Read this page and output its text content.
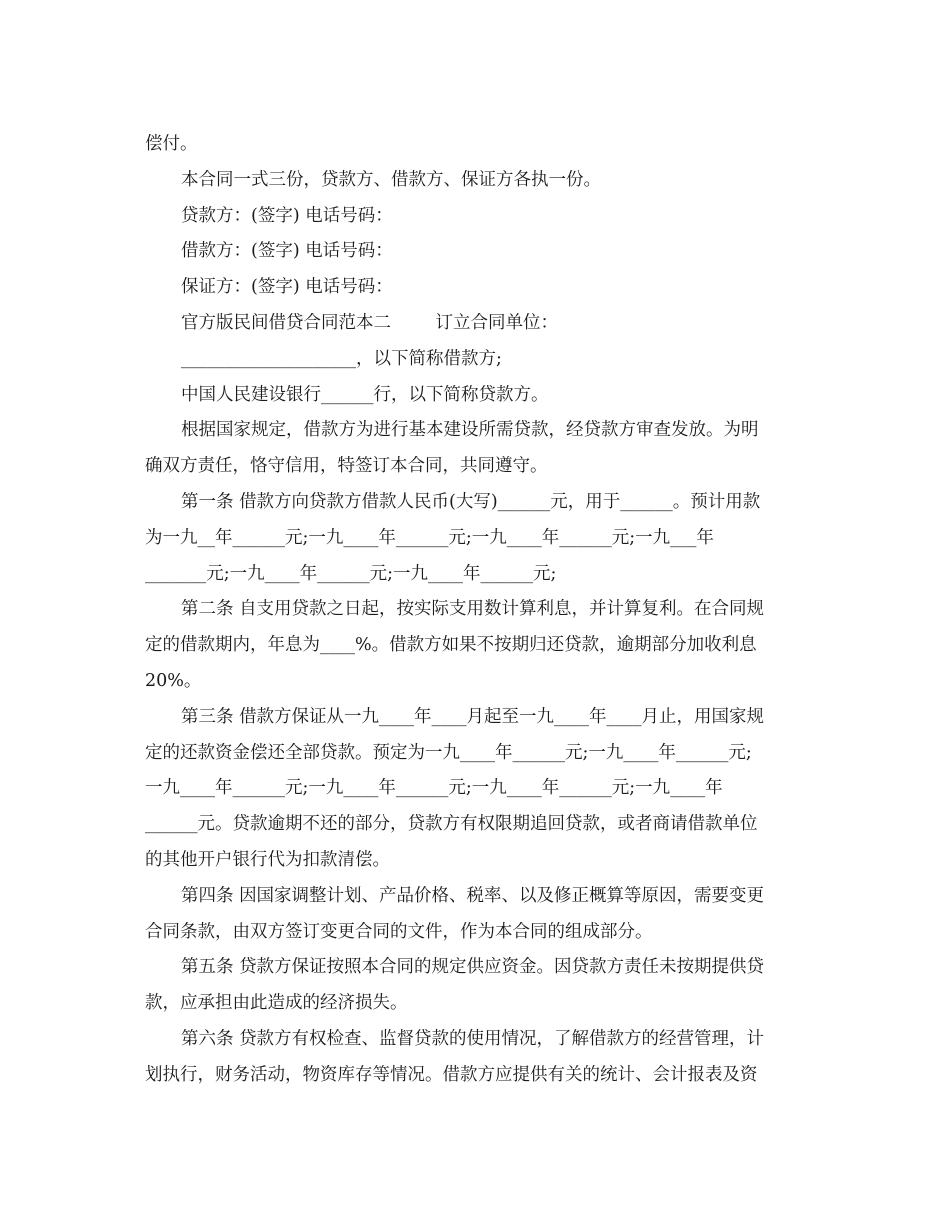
偿付。
本合同一式三份，贷款方、借款方、保证方各执一份。
贷款方：(签字) 电话号码：
借款方：(签字) 电话号码：
保证方：(签字) 电话号码：
官方版民间借贷合同范本二        订立合同单位：
____________________，以下简称借款方;
中国人民建设银行______行，以下简称贷款方。
根据国家规定，借款方为进行基本建设所需贷款，经贷款方审查发放。为明
确双方责任，恪守信用，特签订本合同，共同遵守。
第一条 借款方向贷款方借款人民币(大写)______元，用于______。预计用款
为一九__年______元;一九____年______元;一九____年______元;一九___年
_______元;一九____年______元;一九____年______元;
第二条 自支用贷款之日起，按实际支用数计算利息，并计算复利。在合同规
定的借款期内，年息为____%。借款方如果不按期归还贷款，逾期部分加收利息
20%。
第三条 借款方保证从一九____年____月起至一九____年____月止，用国家规
定的还款资金偿还全部贷款。预定为一九____年______元;一九____年______元;
一九____年______元;一九____年______元;一九____年______元;一九____年
______元。贷款逾期不还的部分，贷款方有权限期追回贷款，或者商请借款单位
的其他开户银行代为扣款清偿。
第四条 因国家调整计划、产品价格、税率、以及修正概算等原因，需要变更
合同条款，由双方签订变更合同的文件，作为本合同的组成部分。
第五条 贷款方保证按照本合同的规定供应资金。因贷款方责任未按期提供贷
款，应承担由此造成的经济损失。
第六条 贷款方有权检查、监督贷款的使用情况，了解借款方的经营管理，计
划执行，财务活动，物资库存等情况。借款方应提供有关的统计、会计报表及资
